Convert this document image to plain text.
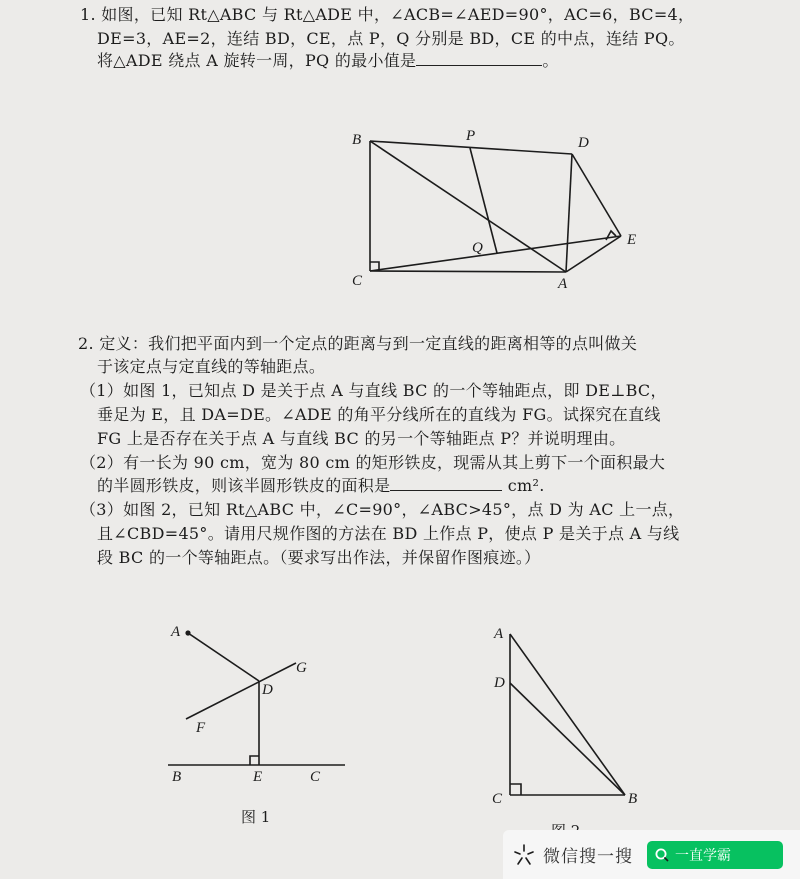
1. 如图，已知 Rt△ABC 与 Rt△ADE 中，∠ACB=∠AED=90°，AC=6，BC=4，
DE=3，AE=2，连结 BD，CE，点 P，Q 分别是 BD，CE 的中点，连结 PQ。
将△ADE 绕点 A 旋转一周，PQ 的最小值是	。
B	P	D
E
Q
C	A
2. 定义：我们把平面内到一个定点的距离与到一定直线的距离相等的点叫做关
于该定点与定直线的等轴距点。
（1）如图 1，已知点 D 是关于点 A 与直线 BC 的一个等轴距点，即 DE⊥BC，
垂足为 E，且 DA=DE。∠ADE 的角平分线所在的直线为 FG。试探究在直线
FG 上是否存在关于点 A 与直线 BC 的另一个等轴距点 P？并说明理由。
（2）有一长为 90 cm，宽为 80 cm 的矩形铁皮，现需从其上剪下一个面积最大
的半圆形铁皮，则该半圆形铁皮的面积是	cm².
（3）如图 2，已知 Rt△ABC 中，∠C=90°，∠ABC>45°，点 D 为 AC 上一点，
且∠CBD=45°。请用尺规作图的方法在 BD 上作点 P，使点 P 是关于点 A 与线
段 BC 的一个等轴距点。（要求写出作法，并保留作图痕迹。）
A
G
D
F
B	E	C
图 1
A
D
C	B
微信搜一搜	一直学霸
